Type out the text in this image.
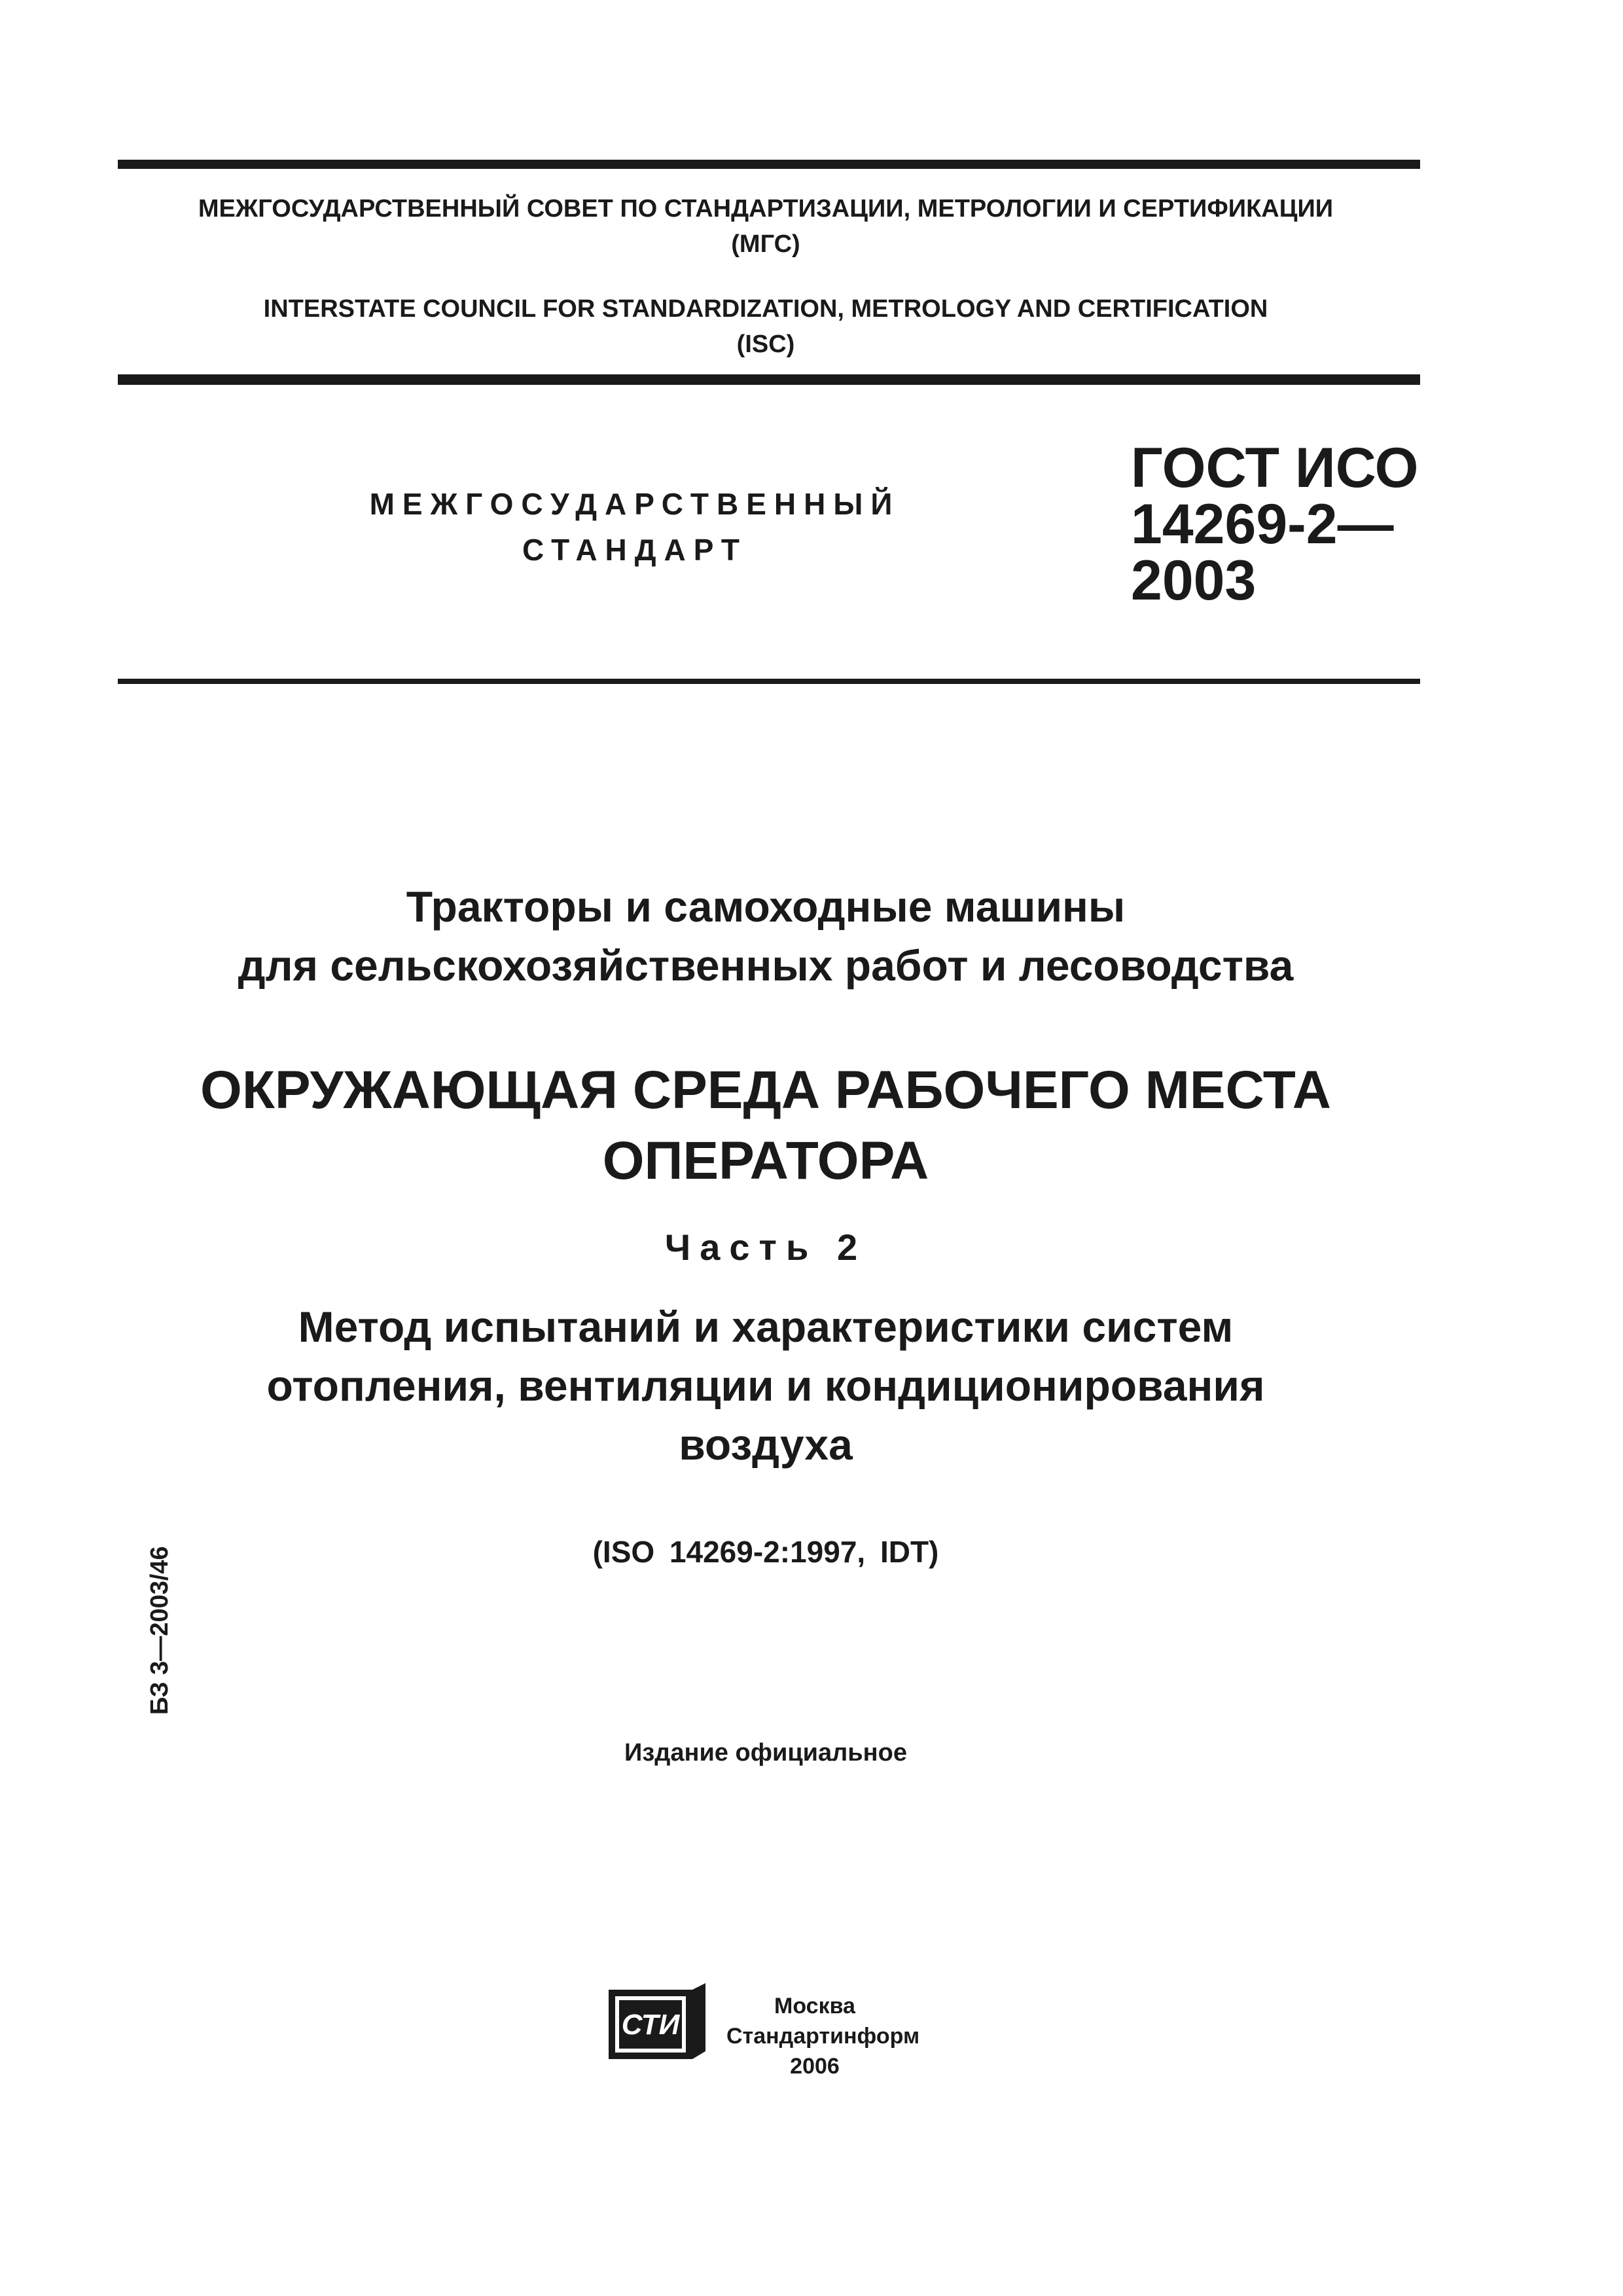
МЕЖГОСУДАРСТВЕННЫЙ СОВЕТ ПО СТАНДАРТИЗАЦИИ, МЕТРОЛОГИИ И СЕРТИФИКАЦИИ
(МГС)
INTERSTATE COUNCIL FOR STANDARDIZATION, METROLOGY AND CERTIFICATION
(ISC)
МЕЖГОСУДАРСТВЕННЫЙ
СТАНДАРТ
ГОСТ ИСО
14269-2—
2003
Тракторы и самоходные машины
для сельскохозяйственных работ и лесоводства
ОКРУЖАЮЩАЯ СРЕДА РАБОЧЕГО МЕСТА
ОПЕРАТОРА
Часть 2
Метод испытаний и характеристики систем
отопления, вентиляции и кондиционирования
воздуха
(ISO 14269-2:1997, IDT)
Издание официальное
БЗ 3—2003/46
СТИ
Москва
Стандартинформ
2006
